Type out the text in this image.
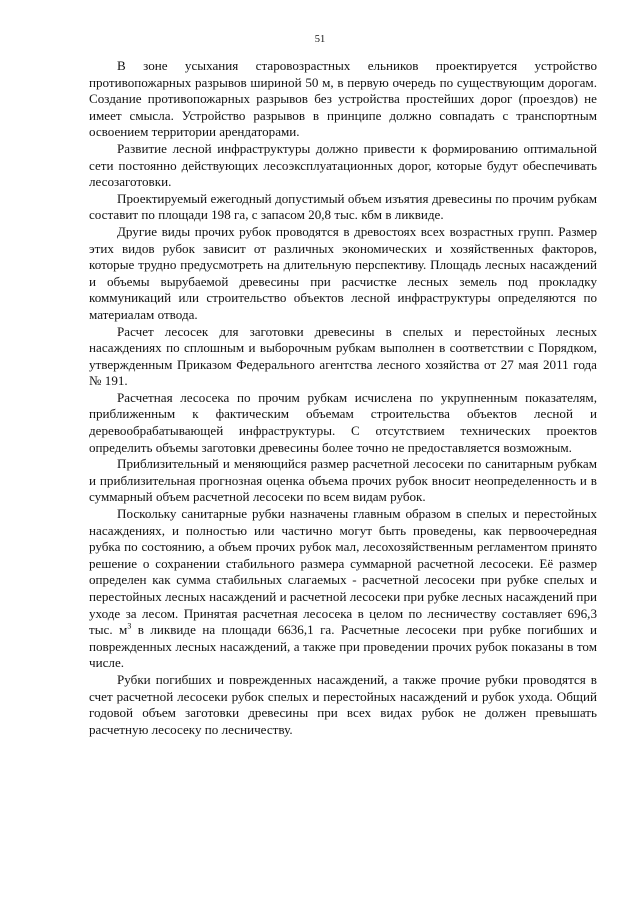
51

В зоне усыхания старовозрастных ельников проектируется устройство противопожарных разрывов шириной 50 м, в первую очередь по существующим дорогам. Создание противопожарных разрывов без устройства простейших дорог (проездов) не имеет смысла. Устройство разрывов в принципе должно совпадать с транспортным освоением территории арендаторами.

Развитие лесной инфраструктуры должно привести к формированию оптимальной сети постоянно действующих лесоэксплуатационных дорог, которые будут обеспечивать лесозаготовки.

Проектируемый ежегодный допустимый объем изъятия древесины по прочим рубкам составит по площади 198 га, с запасом 20,8 тыс. кбм в ликвиде.

Другие виды прочих рубок проводятся в древостоях всех возрастных групп. Размер этих видов рубок зависит от различных экономических и хозяйственных факторов, которые трудно предусмотреть на длительную перспективу. Площадь лесных насаждений и объемы вырубаемой древесины при расчистке лесных земель под прокладку коммуникаций или строительство объектов лесной инфраструктуры определяются по материалам отвода.

Расчет лесосек для заготовки древесины в спелых и перестойных лесных насаждениях по сплошным и выборочным рубкам выполнен в соответствии с Порядком, утвержденным Приказом Федерального агентства лесного хозяйства от 27 мая 2011 года № 191.

Расчетная лесосека по прочим рубкам исчислена по укрупненным показателям, приближенным к фактическим объемам строительства объектов лесной и деревообрабатывающей инфраструктуры. С отсутствием технических проектов определить объемы заготовки древесины более точно не предоставляется возможным.

Приблизительный и меняющийся размер расчетной лесосеки по санитарным рубкам и приблизительная прогнозная оценка объема прочих рубок вносит неопределенность и в суммарный объем расчетной лесосеки по всем видам рубок.

Поскольку санитарные рубки назначены главным образом в спелых и перестойных насаждениях, и полностью или частично могут быть проведены, как первоочередная рубка по состоянию, а объем прочих рубок мал, лесохозяйственным регламентом принято решение о сохранении стабильного размера суммарной расчетной лесосеки. Её размер определен как сумма стабильных слагаемых - расчетной лесосеки при рубке спелых и перестойных лесных насаждений и расчетной лесосеки при рубке лесных насаждений при уходе за лесом. Принятая расчетная лесосека в целом по лесничеству составляет 696,3 тыс. $м^3$ в ликвиде на площади 6636,1 га. Расчетные лесосеки при рубке погибших и поврежденных лесных насаждений, а также при проведении прочих рубок показаны в том числе.

Рубки погибших и поврежденных насаждений, а также прочие рубки проводятся в счет расчетной лесосеки рубок спелых и перестойных насаждений и рубок ухода. Общий годовой объем заготовки древесины при всех видах рубок не должен превышать расчетную лесосеку по лесничеству.
